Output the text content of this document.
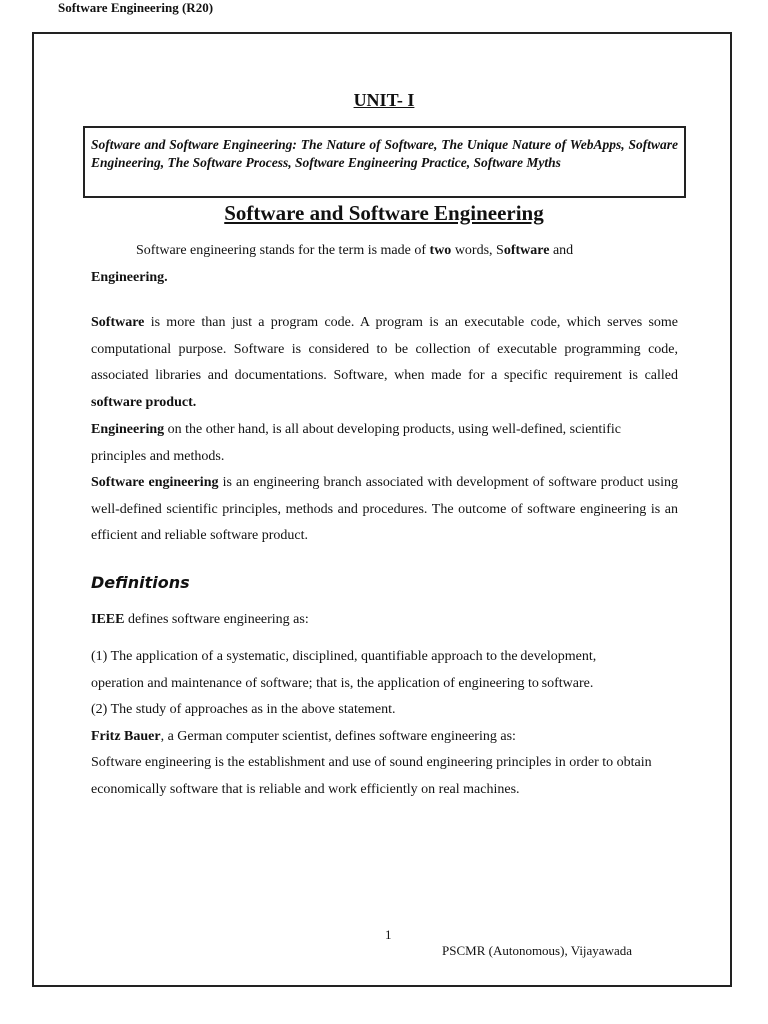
Software Engineering (R20)
UNIT- I
Software and Software Engineering: The Nature of Software, The Unique Nature of WebApps, Software Engineering, The Software Process, Software Engineering Practice, Software Myths
Software and Software Engineering

Software engineering stands for the term is made of two words, Software and

Engineering.

Software is more than just a program code. A program is an executable code, which serves some computational purpose. Software is considered to be collection of executable programming code, associated libraries and documentations. Software, when made for a specific requirement is called software product.

Engineering on the other hand, is all about developing products, using well-defined, scientific principles and methods.

Software engineering is an engineering branch associated with development of software product using well-defined scientific principles, methods and procedures. The outcome of software engineering is an efficient and reliable software product.

Definitions

IEEE defines software engineering as:

(1) The application of a systematic, disciplined, quantifiable approach to the development, operation and maintenance of software; that is, the application of engineering to software.

(2) The study of approaches as in the above statement.

Fritz Bauer, a German computer scientist, defines software engineering as:

Software engineering is the establishment and use of sound engineering principles in order to obtain economically software that is reliable and work efficiently on real machines.

1
PSCMR (Autonomous), Vijayawada
